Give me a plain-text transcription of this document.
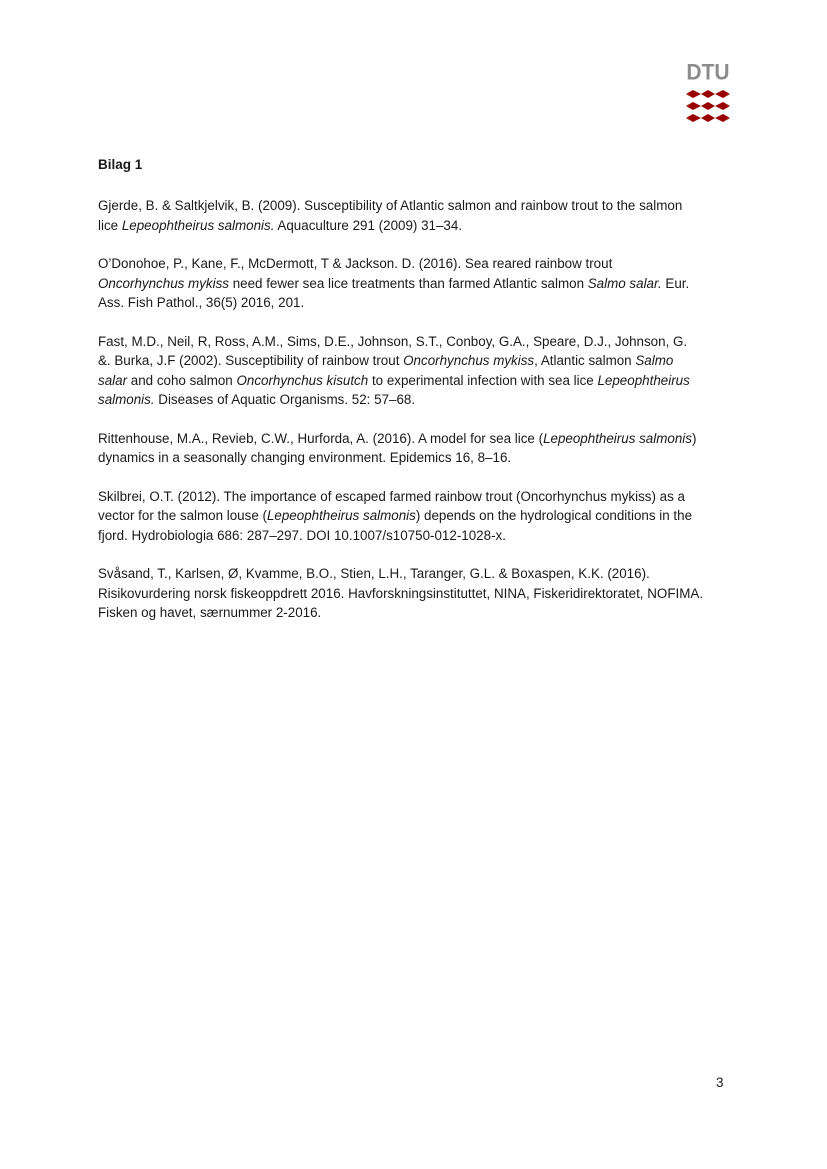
DTU
Bilag 1
Gjerde, B. & Saltkjelvik, B. (2009). Susceptibility of Atlantic salmon and rainbow trout to the salmon
lice Lepeophtheirus salmonis. Aquaculture 291 (2009) 31–34.
O’Donohoe, P., Kane, F., McDermott, T & Jackson. D. (2016). Sea reared rainbow trout
Oncorhynchus mykiss need fewer sea lice treatments than farmed Atlantic salmon Salmo salar. Eur.
Ass. Fish Pathol., 36(5) 2016, 201.
Fast, M.D., Neil, R, Ross, A.M., Sims, D.E., Johnson, S.T., Conboy, G.A., Speare, D.J., Johnson, G.
&. Burka, J.F (2002). Susceptibility of rainbow trout Oncorhynchus mykiss, Atlantic salmon Salmo
salar and coho salmon Oncorhynchus kisutch to experimental infection with sea lice Lepeophtheirus
salmonis. Diseases of Aquatic Organisms. 52: 57–68.
Rittenhouse, M.A., Revieb, C.W., Hurforda, A. (2016). A model for sea lice (Lepeophtheirus salmonis)
dynamics in a seasonally changing environment. Epidemics 16, 8–16.
Skilbrei, O.T. (2012). The importance of escaped farmed rainbow trout (Oncorhynchus mykiss) as a
vector for the salmon louse (Lepeophtheirus salmonis) depends on the hydrological conditions in the
fjord. Hydrobiologia 686: 287–297. DOI 10.1007/s10750-012-1028-x.
Svåsand, T., Karlsen, Ø, Kvamme, B.O., Stien, L.H., Taranger, G.L. & Boxaspen, K.K. (2016).
Risikovurdering norsk fiskeoppdrett 2016. Havforskningsinstituttet, NINA, Fiskeridirektoratet, NOFIMA.
Fisken og havet, særnummer 2-2016.
3
